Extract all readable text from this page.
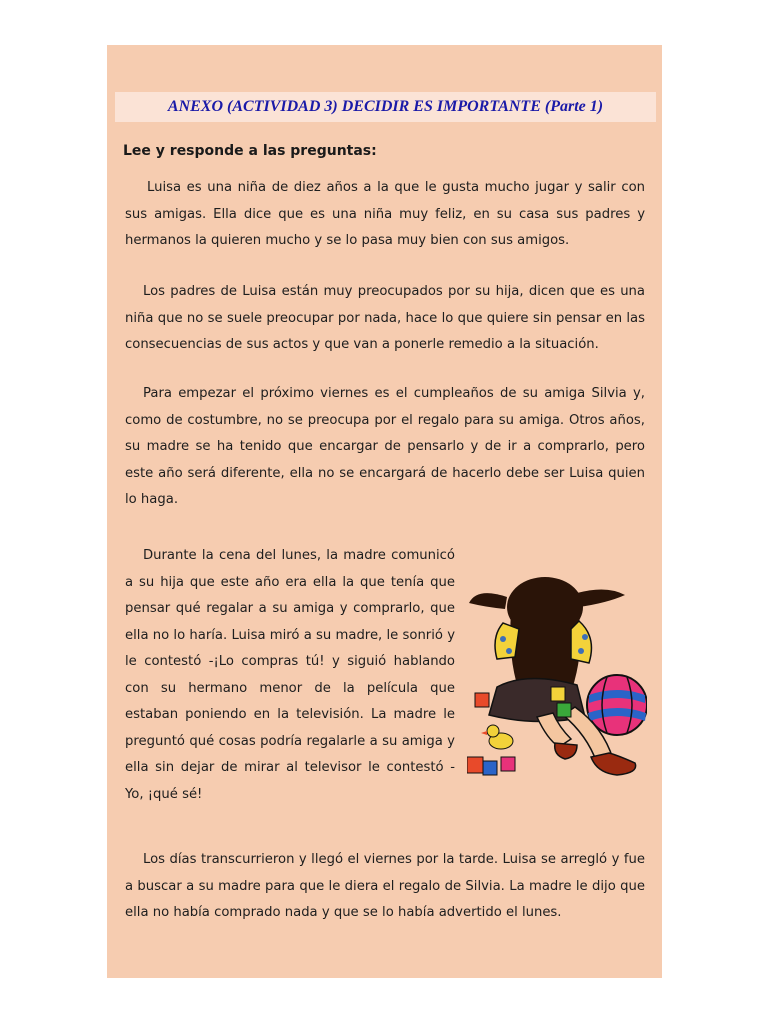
ANEXO (ACTIVIDAD 3) DECIDIR ES IMPORTANTE (Parte 1)
Lee y responde a las preguntas:

Luisa es una niña de diez años a la que le gusta mucho jugar y salir con sus amigas. Ella dice que es una niña muy feliz, en su casa sus padres y hermanos la quieren mucho y se lo pasa muy bien con sus amigos.

Los padres de Luisa están muy preocupados por su hija, dicen que es una niña que no se suele preocupar por nada, hace lo que quiere sin pensar en las consecuencias de sus actos y que van a ponerle remedio a la situación.

Para empezar el próximo viernes es el cumpleaños de su amiga Silvia y, como de costumbre, no se preocupa por el regalo para su amiga. Otros años, su madre se ha tenido que encargar de pensarlo y de ir a comprarlo, pero este año será diferente, ella no se encargará de hacerlo debe ser Luisa quien lo haga.

Durante la cena del lunes, la madre comunicó a su hija que este año era ella la que tenía que pensar qué regalar a su amiga y comprarlo, que ella no lo haría. Luisa miró a su madre, le sonrió y le contestó -¡Lo compras tú! y siguió hablando con su hermano menor de la película que estaban poniendo en la televisión. La madre le preguntó qué cosas podría regalarle a su amiga y ella sin dejar de mirar al televisor le contestó - Yo, ¡qué sé!

Los días transcurrieron y llegó el viernes por la tarde. Luisa se arregló y fue a buscar a su madre para que le diera el regalo de Silvia. La madre le dijo que ella no había comprado nada y que se lo había advertido el lunes.
